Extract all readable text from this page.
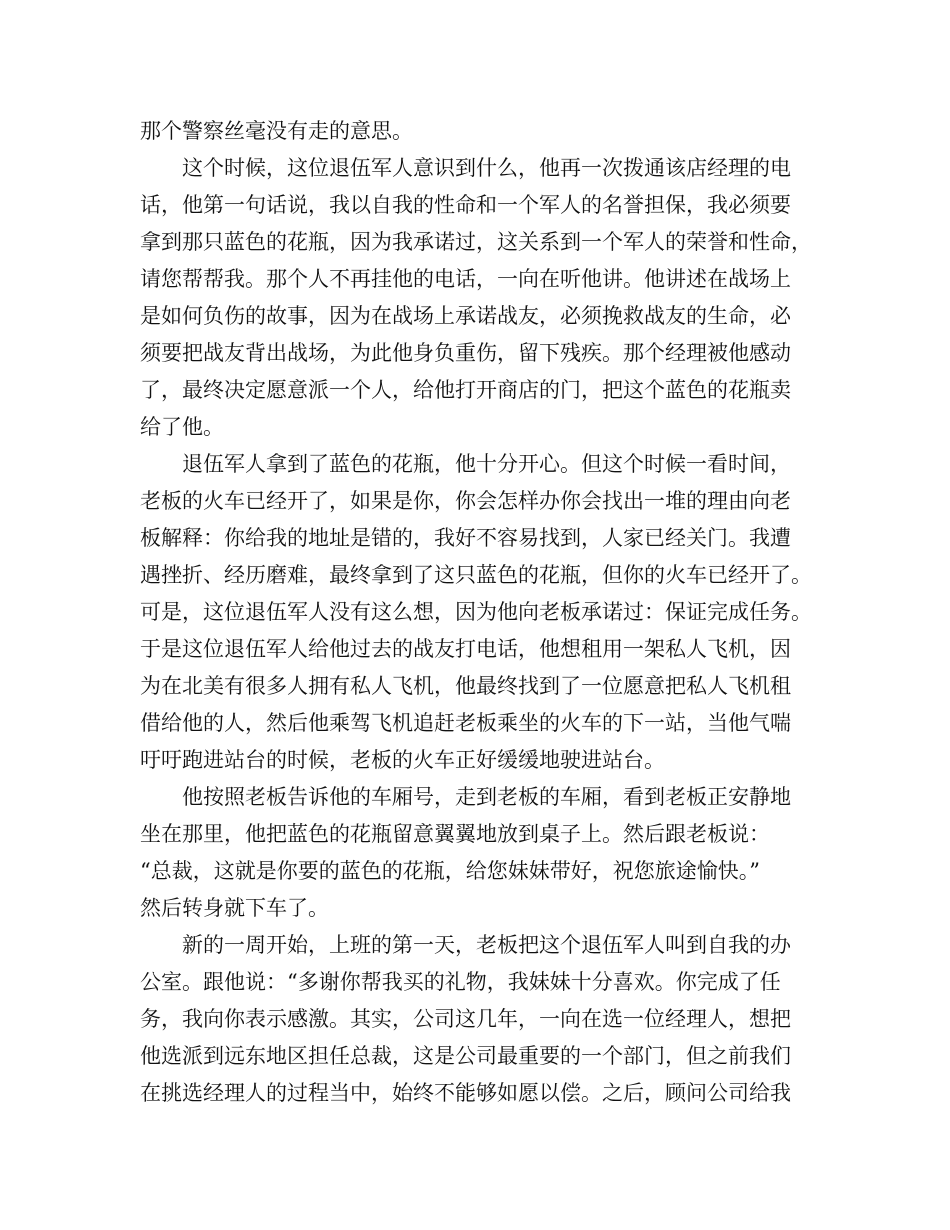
那个警察丝毫没有走的意思。
这个时候，这位退伍军人意识到什么，他再一次拨通该店经理的电
话，他第一句话说，我以自我的性命和一个军人的名誉担保，我必须要
拿到那只蓝色的花瓶，因为我承诺过，这关系到一个军人的荣誉和性命，
请您帮帮我。那个人不再挂他的电话，一向在听他讲。他讲述在战场上
是如何负伤的故事，因为在战场上承诺战友，必须挽救战友的生命，必
须要把战友背出战场，为此他身负重伤，留下残疾。那个经理被他感动
了，最终决定愿意派一个人，给他打开商店的门，把这个蓝色的花瓶卖
给了他。
退伍军人拿到了蓝色的花瓶，他十分开心。但这个时候一看时间，
老板的火车已经开了，如果是你，你会怎样办你会找出一堆的理由向老
板解释：你给我的地址是错的，我好不容易找到，人家已经关门。我遭
遇挫折、经历磨难，最终拿到了这只蓝色的花瓶，但你的火车已经开了。
可是，这位退伍军人没有这么想，因为他向老板承诺过：保证完成任务。
于是这位退伍军人给他过去的战友打电话，他想租用一架私人飞机，因
为在北美有很多人拥有私人飞机，他最终找到了一位愿意把私人飞机租
借给他的人，然后他乘驾飞机追赶老板乘坐的火车的下一站，当他气喘
吁吁跑进站台的时候，老板的火车正好缓缓地驶进站台。
他按照老板告诉他的车厢号，走到老板的车厢，看到老板正安静地
坐在那里，他把蓝色的花瓶留意翼翼地放到桌子上。然后跟老板说：
“总裁，这就是你要的蓝色的花瓶，给您妹妹带好，祝您旅途愉快。”
然后转身就下车了。
新的一周开始，上班的第一天，老板把这个退伍军人叫到自我的办
公室。跟他说：“多谢你帮我买的礼物，我妹妹十分喜欢。你完成了任
务，我向你表示感激。其实，公司这几年，一向在选一位经理人，想把
他选派到远东地区担任总裁，这是公司最重要的一个部门，但之前我们
在挑选经理人的过程当中，始终不能够如愿以偿。之后，顾问公司给我
